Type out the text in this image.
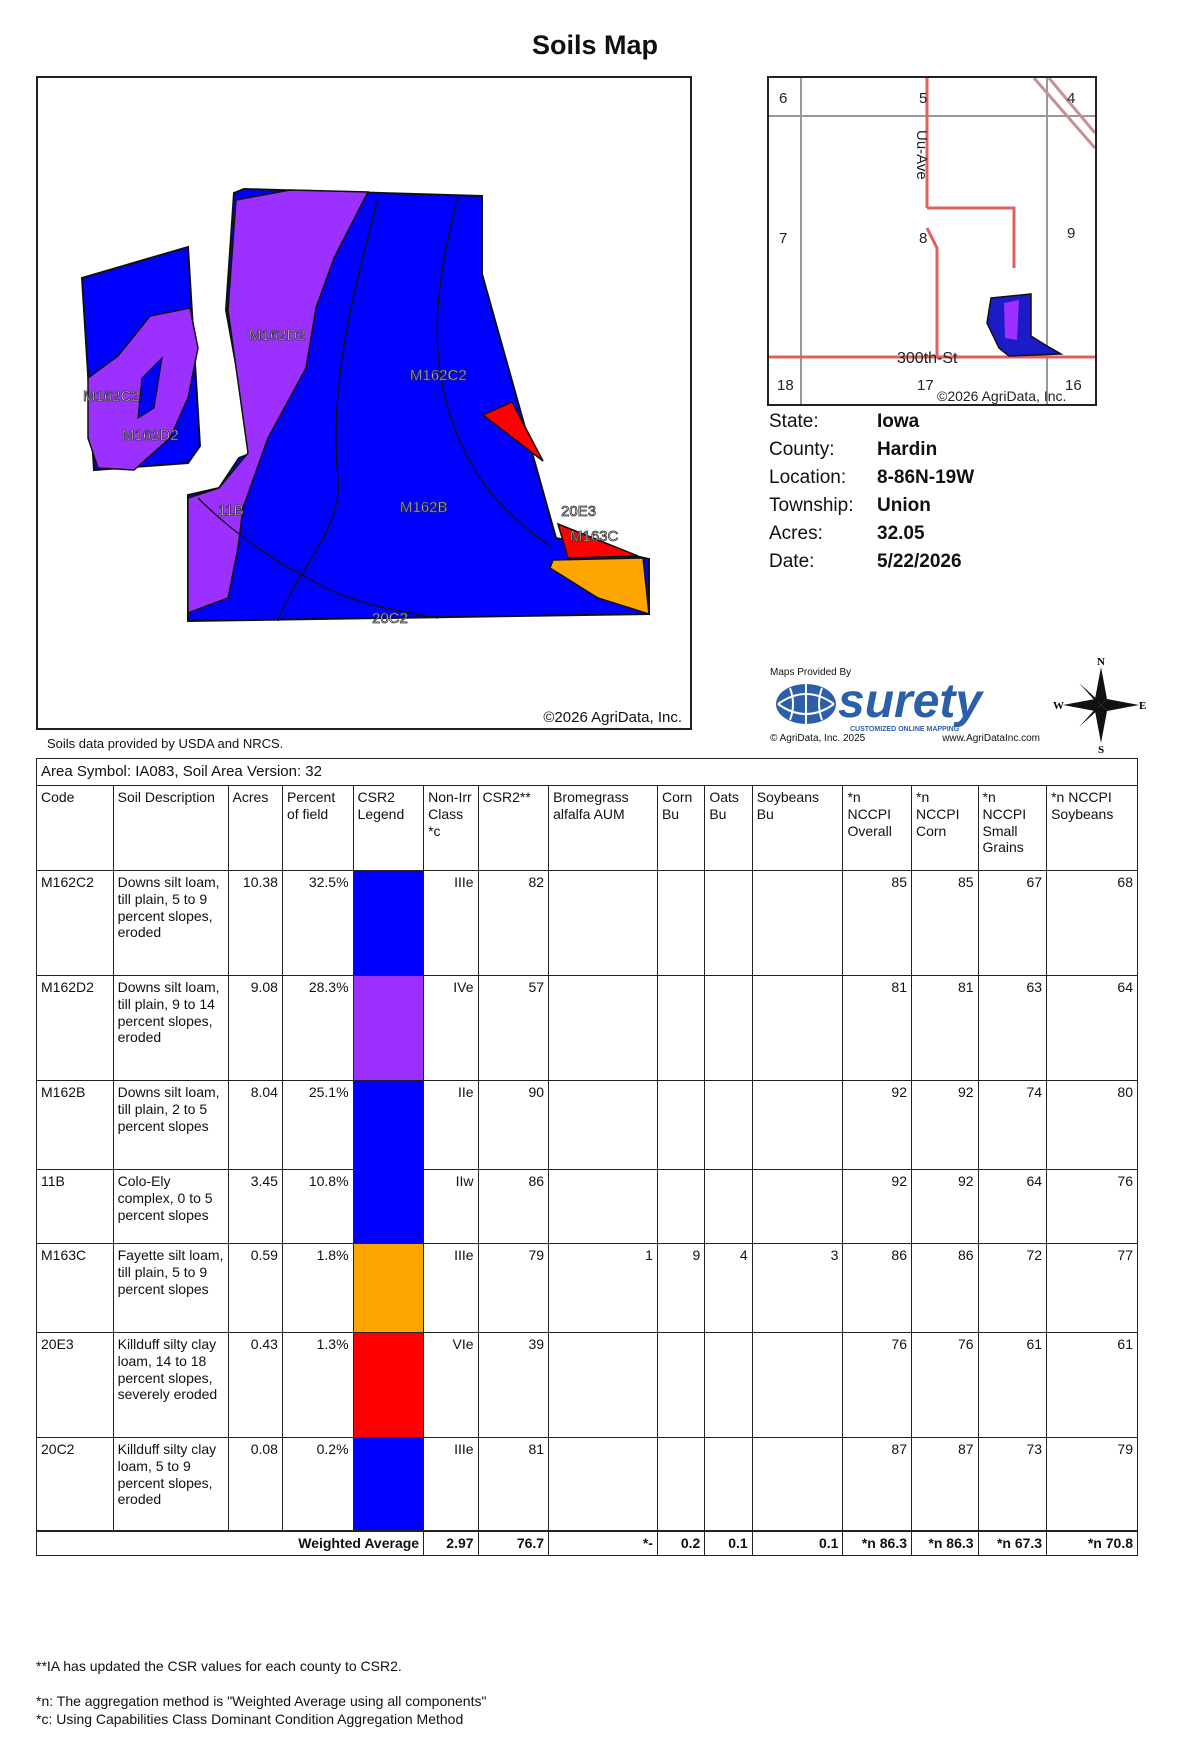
Soils Map
M162D2
M162C2
M162C2
M162D2
11B	M162B	20E3
M163C
20C2
©2026 AgriData, Inc.
6	5	4
7	8	9
18	17	16
Uu-Ave
300th-St
©2026 AgriData, Inc.
State:	Iowa
County:	Hardin
Location:	8-86N-19W
Township:	Union
Acres:	32.05
Date:	5/22/2026
Maps Provided By
surety
CUSTOMIZED ONLINE MAPPING
© AgriData, Inc. 2025	www.AgriDataInc.com
N
S
E
W
Soils data provided by USDA and NRCS.
Area Symbol: IA083, Soil Area Version: 32														
Code	Soil Description	Acres	Percent of field	CSR2 Legend	Non-Irr Class *c	CSR2**	Bromegrass alfalfa AUM	Corn Bu	Oats Bu	Soybeans Bu	*n NCCPI Overall	*n NCCPI Corn	*n NCCPI Small Grains	*n NCCPI Soybeans
M162C2	Downs silt loam, till plain, 5 to 9 percent slopes, eroded	10.38	32.5%		IIIe	82					85	85	67	68
M162D2	Downs silt loam, till plain, 9 to 14 percent slopes, eroded	9.08	28.3%		IVe	57					81	81	63	64
M162B	Downs silt loam, till plain, 2 to 5 percent slopes	8.04	25.1%		IIe	90					92	92	74	80
11B	Colo-Ely complex, 0 to 5 percent slopes	3.45	10.8%		IIw	86					92	92	64	76
M163C	Fayette silt loam, till plain, 5 to 9 percent slopes	0.59	1.8%		IIIe	79	1	9	4	3	86	86	72	77
20E3	Killduff silty clay loam, 14 to 18 percent slopes, severely eroded	0.43	1.3%		VIe	39					76	76	61	61
20C2	Killduff silty clay loam, 5 to 9 percent slopes, eroded	0.08	0.2%		IIIe	81					87	87	73	79
Weighted Average					2.97	76.7	*-	0.2	0.1	0.1	*n 86.3	*n 86.3	*n 67.3	*n 70.8
**IA has updated the CSR values for each county to CSR2.
*n: The aggregation method is "Weighted Average using all components"
*c: Using Capabilities Class Dominant Condition Aggregation Method
